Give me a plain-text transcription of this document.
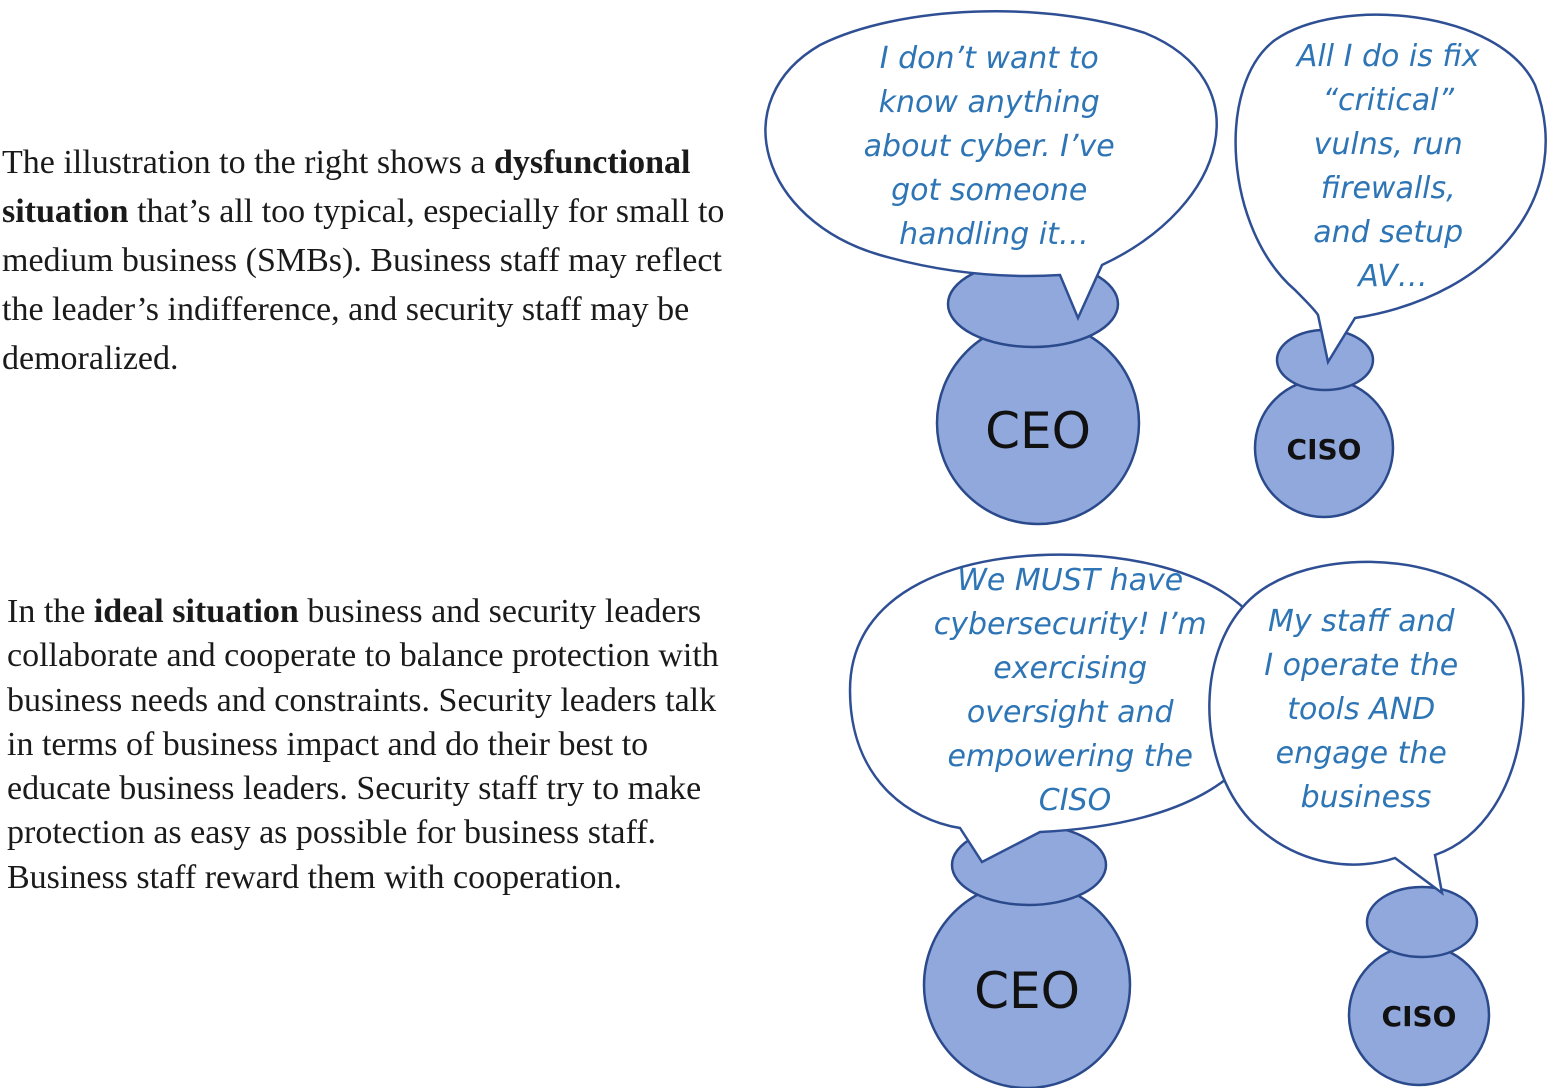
The illustration to the right shows a dysfunctional situation that’s all too typical, especially for small to medium business (SMBs). Business staff may reflect the leader’s indifference, and security staff may be demoralized.

In the ideal situation business and security leaders collaborate and cooperate to balance protection with business needs and constraints. Security leaders talk in terms of business impact and do their best to educate business leaders. Security staff try to make protection as easy as possible for business staff. Business staff reward them with cooperation.

CEO
I don’t want to know anything about cyber. I’ve got someone handling it…
CISO
All I do is fix “critical” vulns, run firewalls, and setup AV…
CEO
We MUST have cybersecurity! I’m exercising oversight and empowering the CISO
CISO
My staff and I operate the tools AND engage the business
